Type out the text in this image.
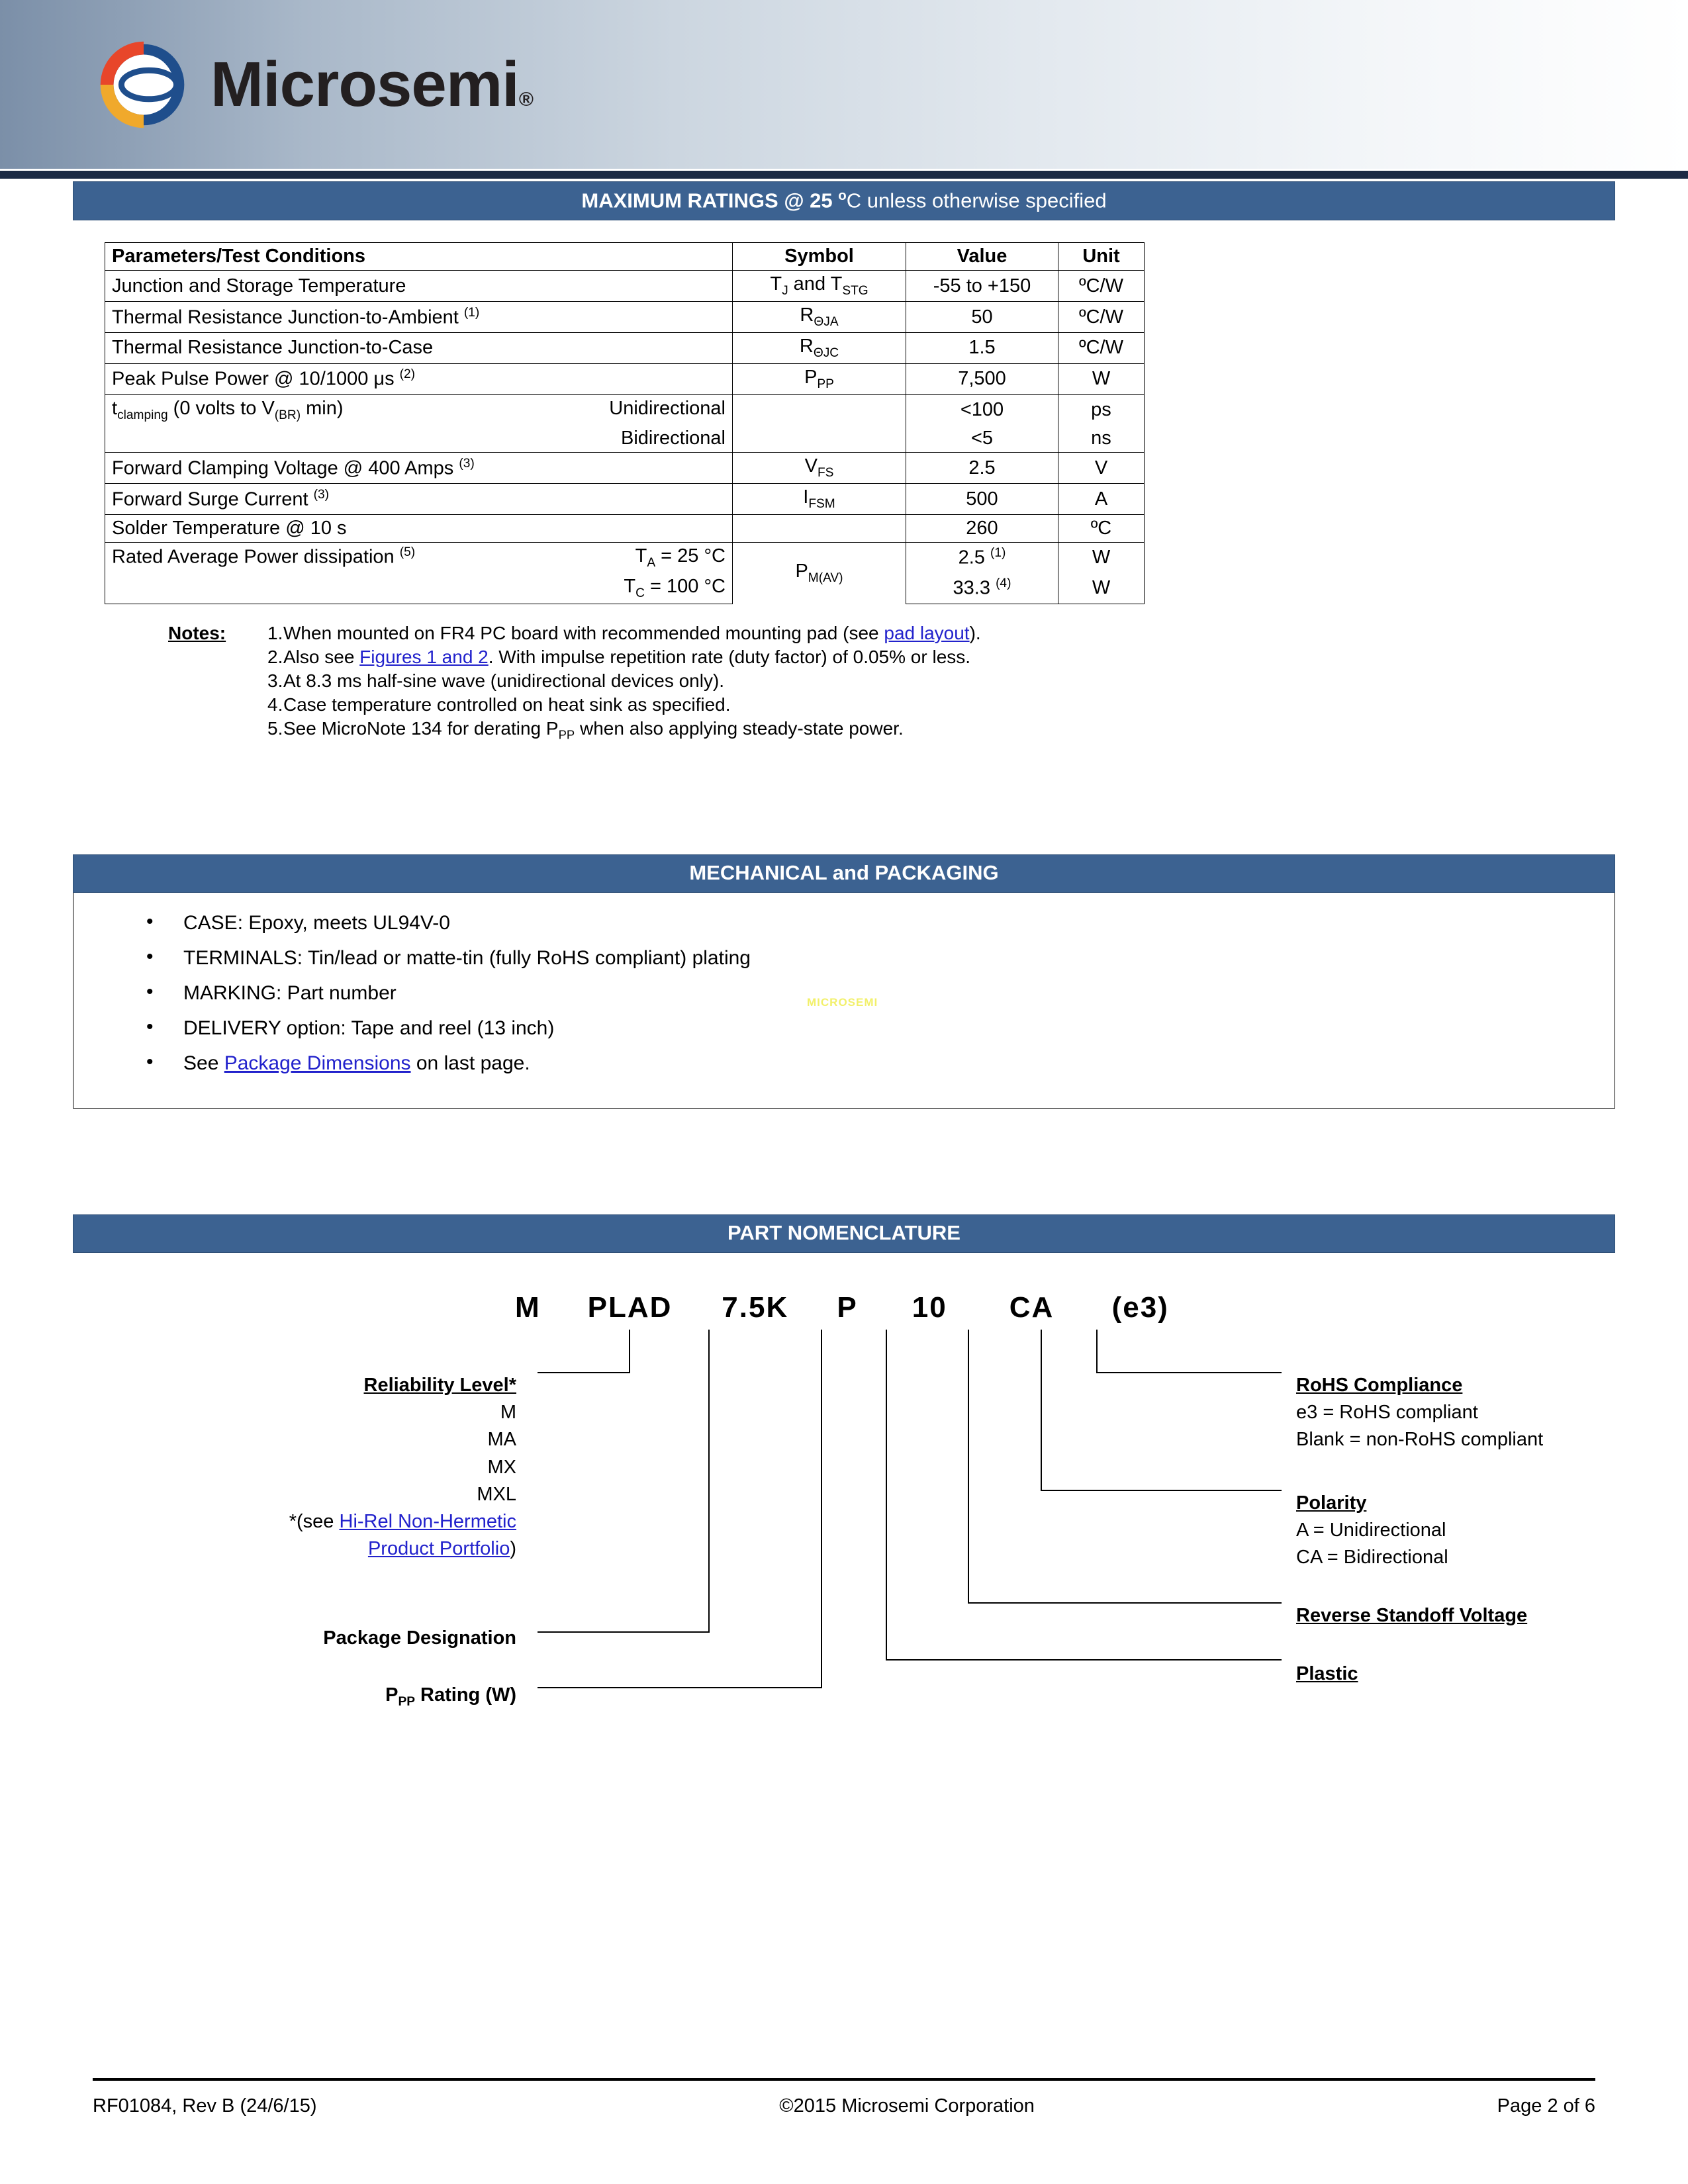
Microsemi®
MAXIMUM RATINGS @ 25 $^o$C unless otherwise specified
Parameters/Test Conditions	Symbol	Value	Unit
Junction and Storage Temperature	$T_J$ and $T_{STG}$	-55 to +150	ºC/W
Thermal Resistance Junction-to-Ambient $^{(1)}$	$R_{\Theta JA}$	50	ºC/W
Thermal Resistance Junction-to-Case	$R_{\Theta JC}$	1.5	ºC/W
Peak Pulse Power @ 10/1000 μs $^{(2)}$	$P_{PP}$	7,500	W
$t_{clamping}$ (0 volts to $V_{(BR)}$ min) Unidirectional		<100	ps
Bidirectional		<5	ns
Forward Clamping Voltage @ 400 Amps $^{(3)}$	$V_{FS}$	2.5	V
Forward Surge Current $^{(3)}$	$I_{FSM}$	500	A
Solder Temperature @ 10 s		260	ºC
Rated Average Power dissipation $^{(5)}$ $T_A = 25$ °C	$P_{M(AV)}$	2.5 $^{(1)}$	W
$T_C = 100$ °C		33.3 $^{(4)}$	W
Notes:	1.	When mounted on FR4 PC board with recommended mounting pad (see pad layout).
	2.	Also see Figures 1 and 2. With impulse repetition rate (duty factor) of 0.05% or less.
	3.	At 8.3 ms half-sine wave (unidirectional devices only).
	4.	Case temperature controlled on heat sink as specified.
	5.	See MicroNote 134 for derating $P_{PP}$ when also applying steady-state power.
MECHANICAL and PACKAGING
• CASE: Epoxy, meets UL94V-0
• TERMINALS: Tin/lead or matte-tin (fully RoHS compliant) plating
• MARKING: Part number
• DELIVERY option: Tape and reel (13 inch)
• See Package Dimensions on last page.
MICROSEMI
PART NOMENCLATURE
M PLAD 7.5K P 10 CA (e3)
Reliability Level*
M
MA
MX
MXL
*(see Hi-Rel Non-Hermetic
Product Portfolio)
Package Designation
$P_{PP}$ Rating (W)
RoHS Compliance
e3 = RoHS compliant
Blank = non-RoHS compliant
Polarity
A = Unidirectional
CA = Bidirectional
Reverse Standoff Voltage
Plastic
RF01084, Rev B (24/6/15)	©2015 Microsemi Corporation	Page 2 of 6
